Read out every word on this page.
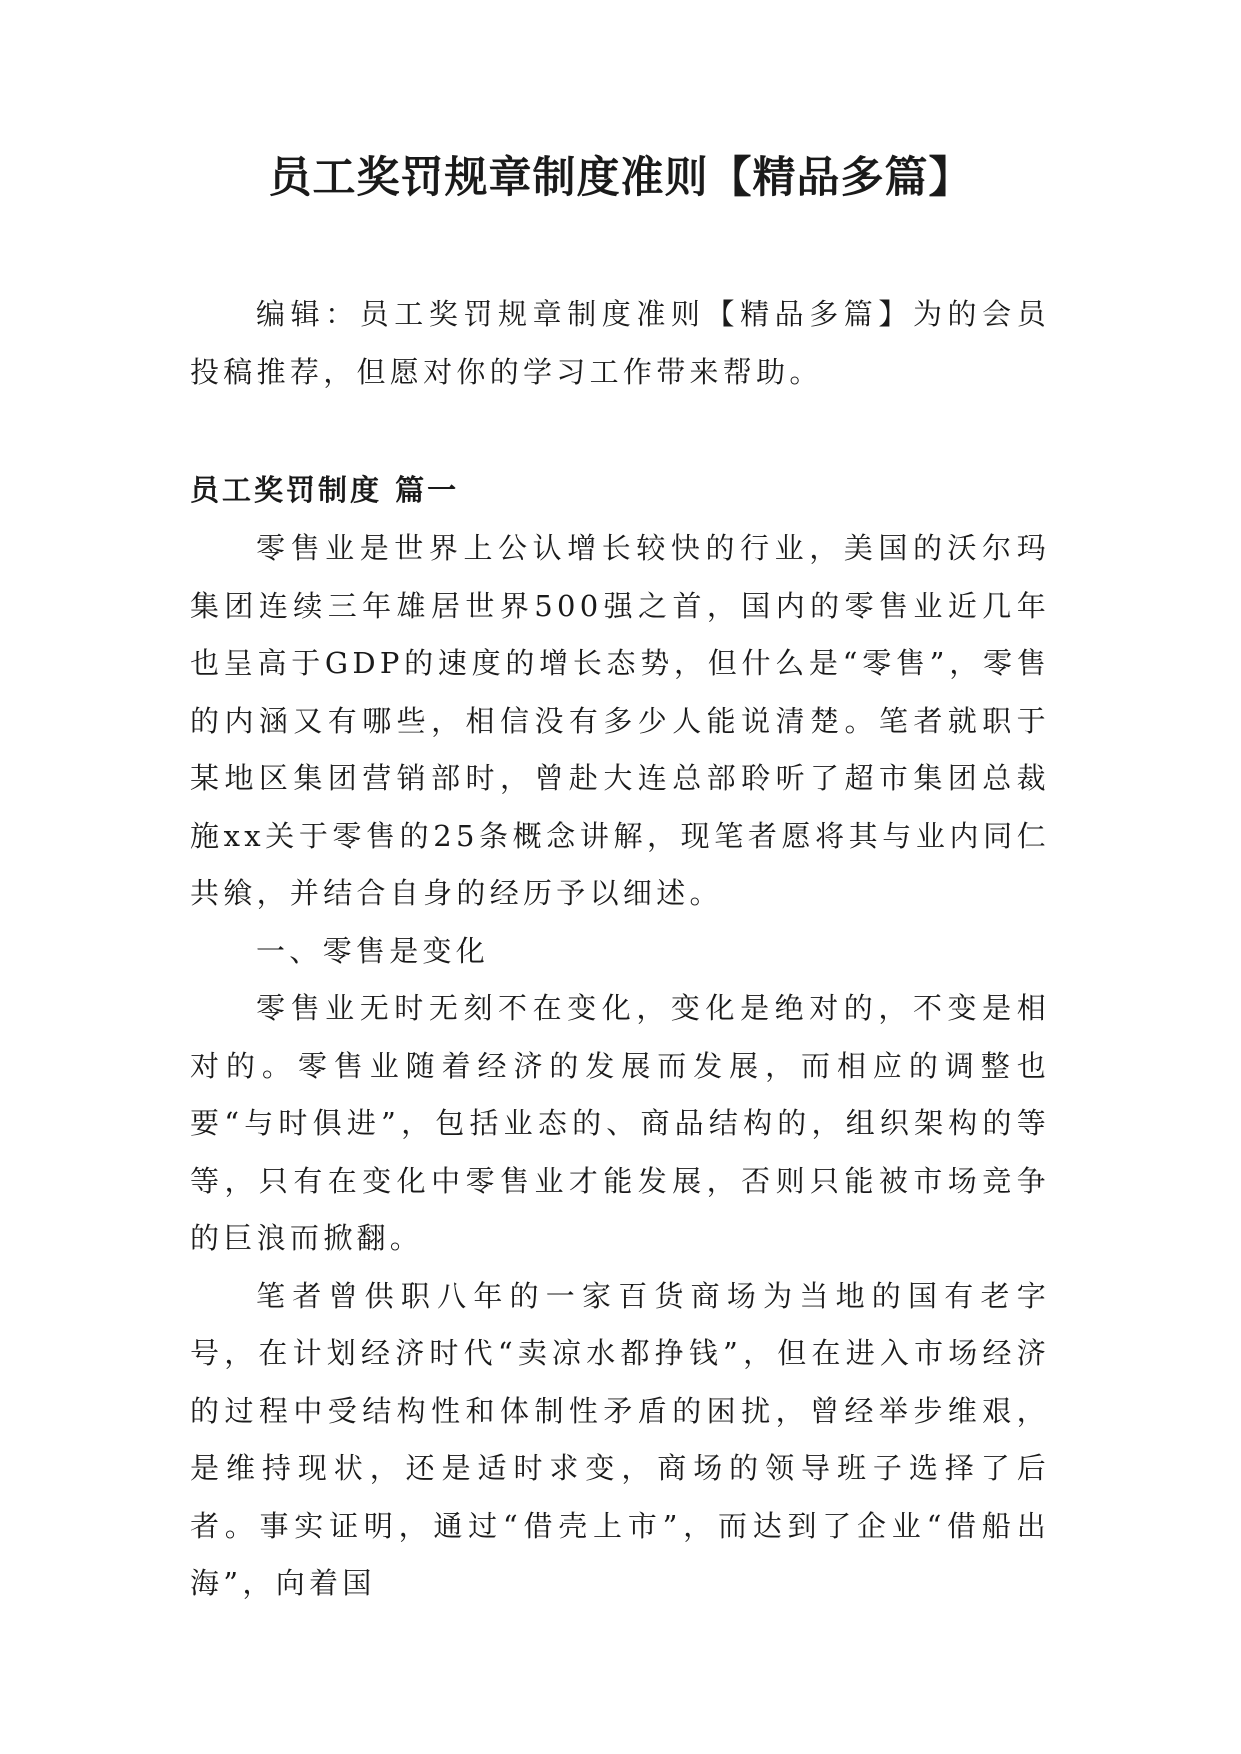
员工奖罚规章制度准则【精品多篇】

编辑：员工奖罚规章制度准则【精品多篇】为的会员投稿推荐，但愿对你的学习工作带来帮助。

员工奖罚制度 篇一

零售业是世界上公认增长较快的行业，美国的沃尔玛集团连续三年雄居世界500强之首，国内的零售业近几年也呈高于GDP的速度的增长态势，但什么是“零售”，零售的内涵又有哪些，相信没有多少人能说清楚。笔者就职于某地区集团营销部时，曾赴大连总部聆听了超市集团总裁施xx关于零售的25条概念讲解，现笔者愿将其与业内同仁共飨，并结合自身的经历予以细述。

一、零售是变化

零售业无时无刻不在变化，变化是绝对的，不变是相对的。零售业随着经济的发展而发展，而相应的调整也要“与时俱进”，包括业态的、商品结构的，组织架构的等等，只有在变化中零售业才能发展，否则只能被市场竞争的巨浪而掀翻。

笔者曾供职八年的一家百货商场为当地的国有老字号，在计划经济时代“卖凉水都挣钱”，但在进入市场经济的过程中受结构性和体制性矛盾的困扰，曾经举步维艰，是维持现状，还是适时求变，商场的领导班子选择了后者。事实证明，通过“借壳上市”，而达到了企业“借船出海”，向着国
